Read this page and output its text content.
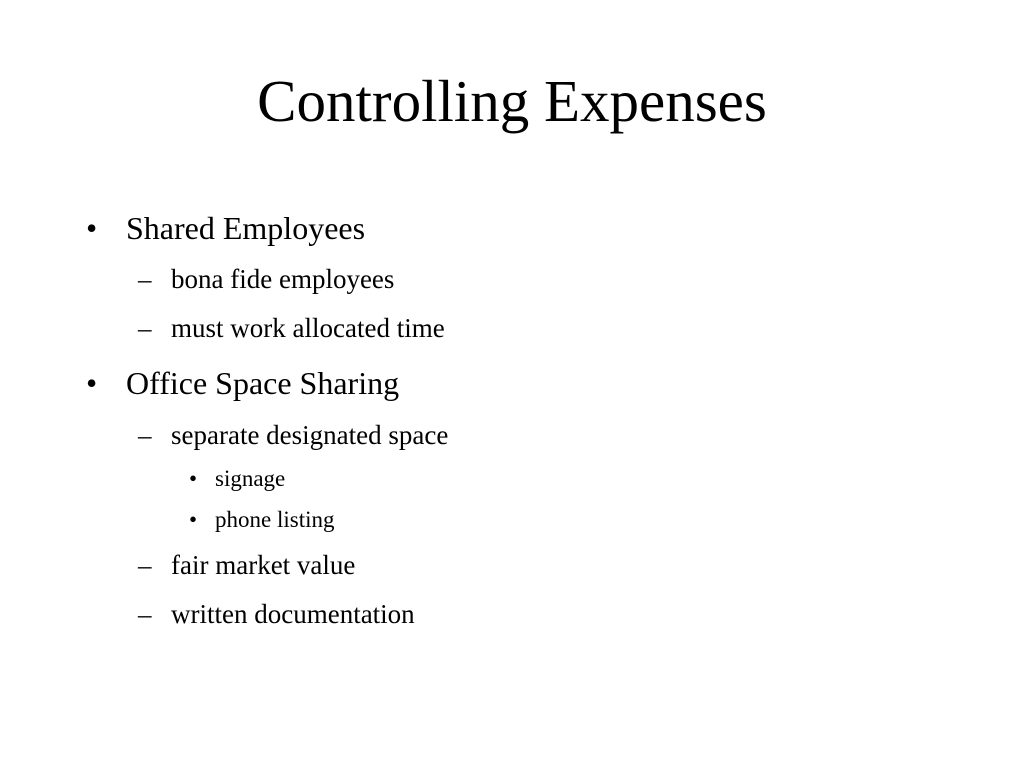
Controlling Expenses
• Shared Employees
– bona fide employees
– must work allocated time
• Office Space Sharing
– separate designated space
• signage
• phone listing
– fair market value
– written documentation
